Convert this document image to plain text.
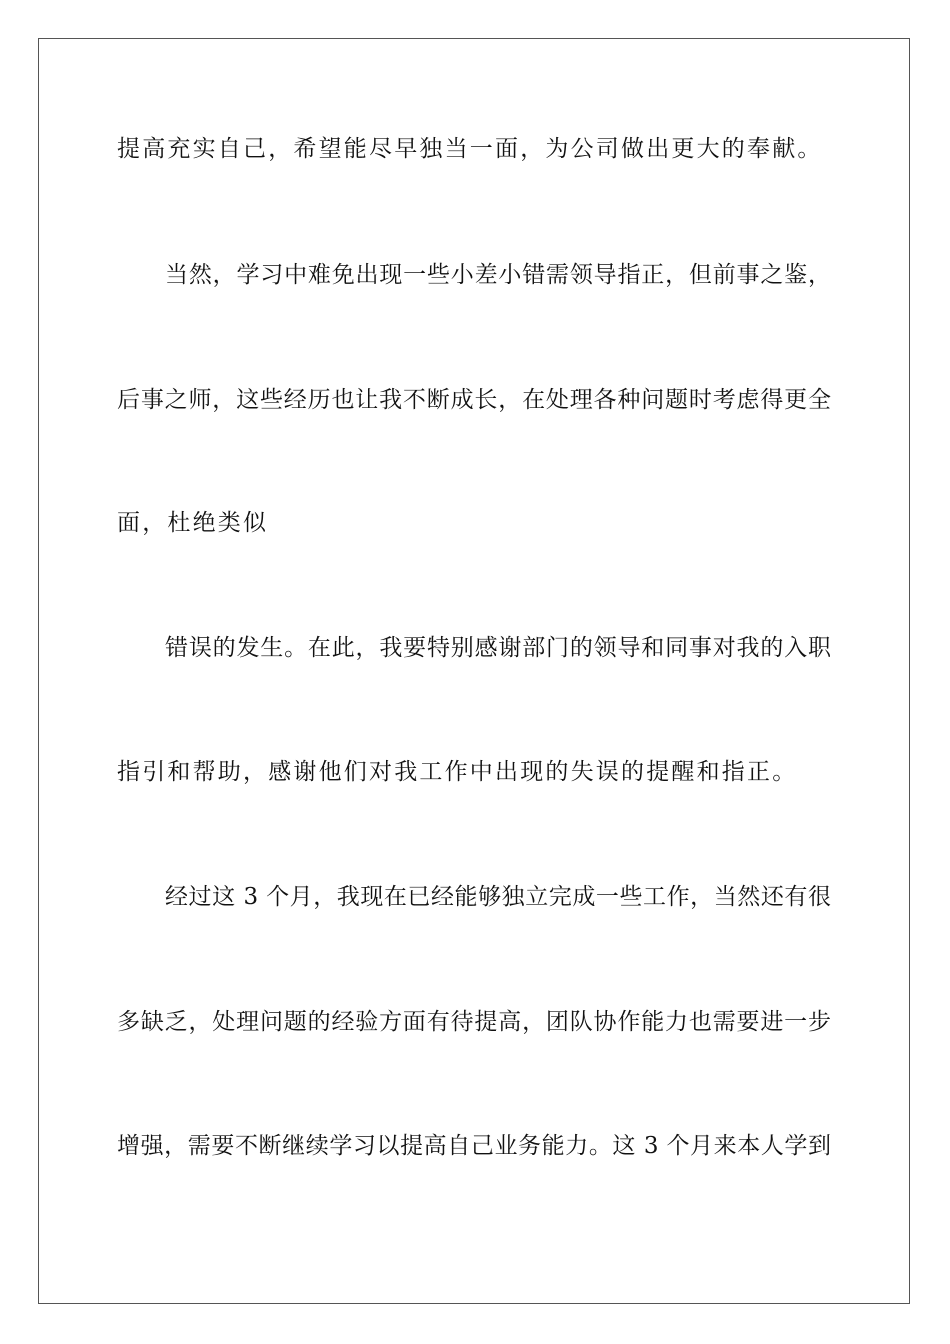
提高充实自己，希望能尽早独当一面，为公司做出更大的奉献。
当然，学习中难免出现一些小差小错需领导指正，但前事之鉴，
后事之师，这些经历也让我不断成长，在处理各种问题时考虑得更全
面，杜绝类似
错误的发生。在此，我要特别感谢部门的领导和同事对我的入职
指引和帮助，感谢他们对我工作中出现的失误的提醒和指正。
经过这 3 个月，我现在已经能够独立完成一些工作，当然还有很
多缺乏，处理问题的经验方面有待提高，团队协作能力也需要进一步
增强，需要不断继续学习以提高自己业务能力。这 3 个月来本人学到
